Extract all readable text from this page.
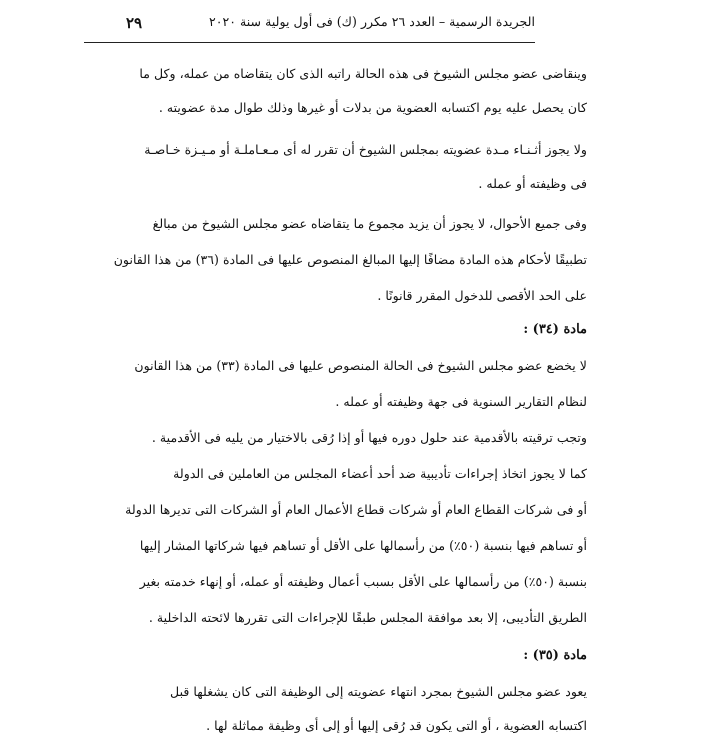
الجريدة الرسمية – العدد ٢٦ مكرر (ك) فى أول يولية سنة ٢٠٢٠
٢٩
وينقاضى عضو مجلس الشيوخ فى هذه الحالة راتبه الذى كان يتقاضاه من عمله، وكل ما
كان يحصل عليه يوم اكتسابه العضوية من بدلات أو غيرها وذلك طوال مدة عضويته .
ولا يجوز أثـنـاء مـدة عضويته بمجلس الشيوخ أن تقرر له أى مـعـاملـة أو مـيـزة خـاصـة
فى وظيفته أو عمله .
وفى جميع الأحوال، لا يجوز أن يزيد مجموع ما يتقاضاه عضو مجلس الشيوخ من مبالغ
تطبيقًا لأحكام هذه المادة مضافًا إليها المبالغ المنصوص عليها فى المادة (٣٦) من هذا القانون
على الحد الأقصى للدخول المقرر قانونًا .
مادة (٣٤) :
لا يخضع عضو مجلس الشيوخ فى الحالة المنصوص عليها فى المادة (٣٣) من هذا القانون
لنظام التقارير السنوية فى جهة وظيفته أو عمله .
وتجب ترقيته بالأقدمية عند حلول دوره فيها أو إذا رُقى بالاختيار من يليه فى الأقدمية .
كما لا يجوز اتخاذ إجراءات تأديبية ضد أحد أعضاء المجلس من العاملين فى الدولة
أو فى شركات القطاع العام أو شركات قطاع الأعمال العام أو الشركات التى تديرها الدولة
أو تساهم فيها بنسبة (٥٠٪) من رأسمالها على الأقل أو تساهم فيها شركاتها المشار إليها
بنسبة (٥٠٪) من رأسمالها على الأقل بسبب أعمال وظيفته أو عمله، أو إنهاء خدمته بغير
الطريق التأديبى، إلا بعد موافقة المجلس طبقًا للإجراءات التى تقررها لائحته الداخلية .
مادة (٣٥) :
يعود عضو مجلس الشيوخ بمجرد انتهاء عضويته إلى الوظيفة التى كان يشغلها قبل
اكتسابه العضوية ، أو التى يكون قد رُقى إليها أو إلى أى وظيفة مماثلة لها .
